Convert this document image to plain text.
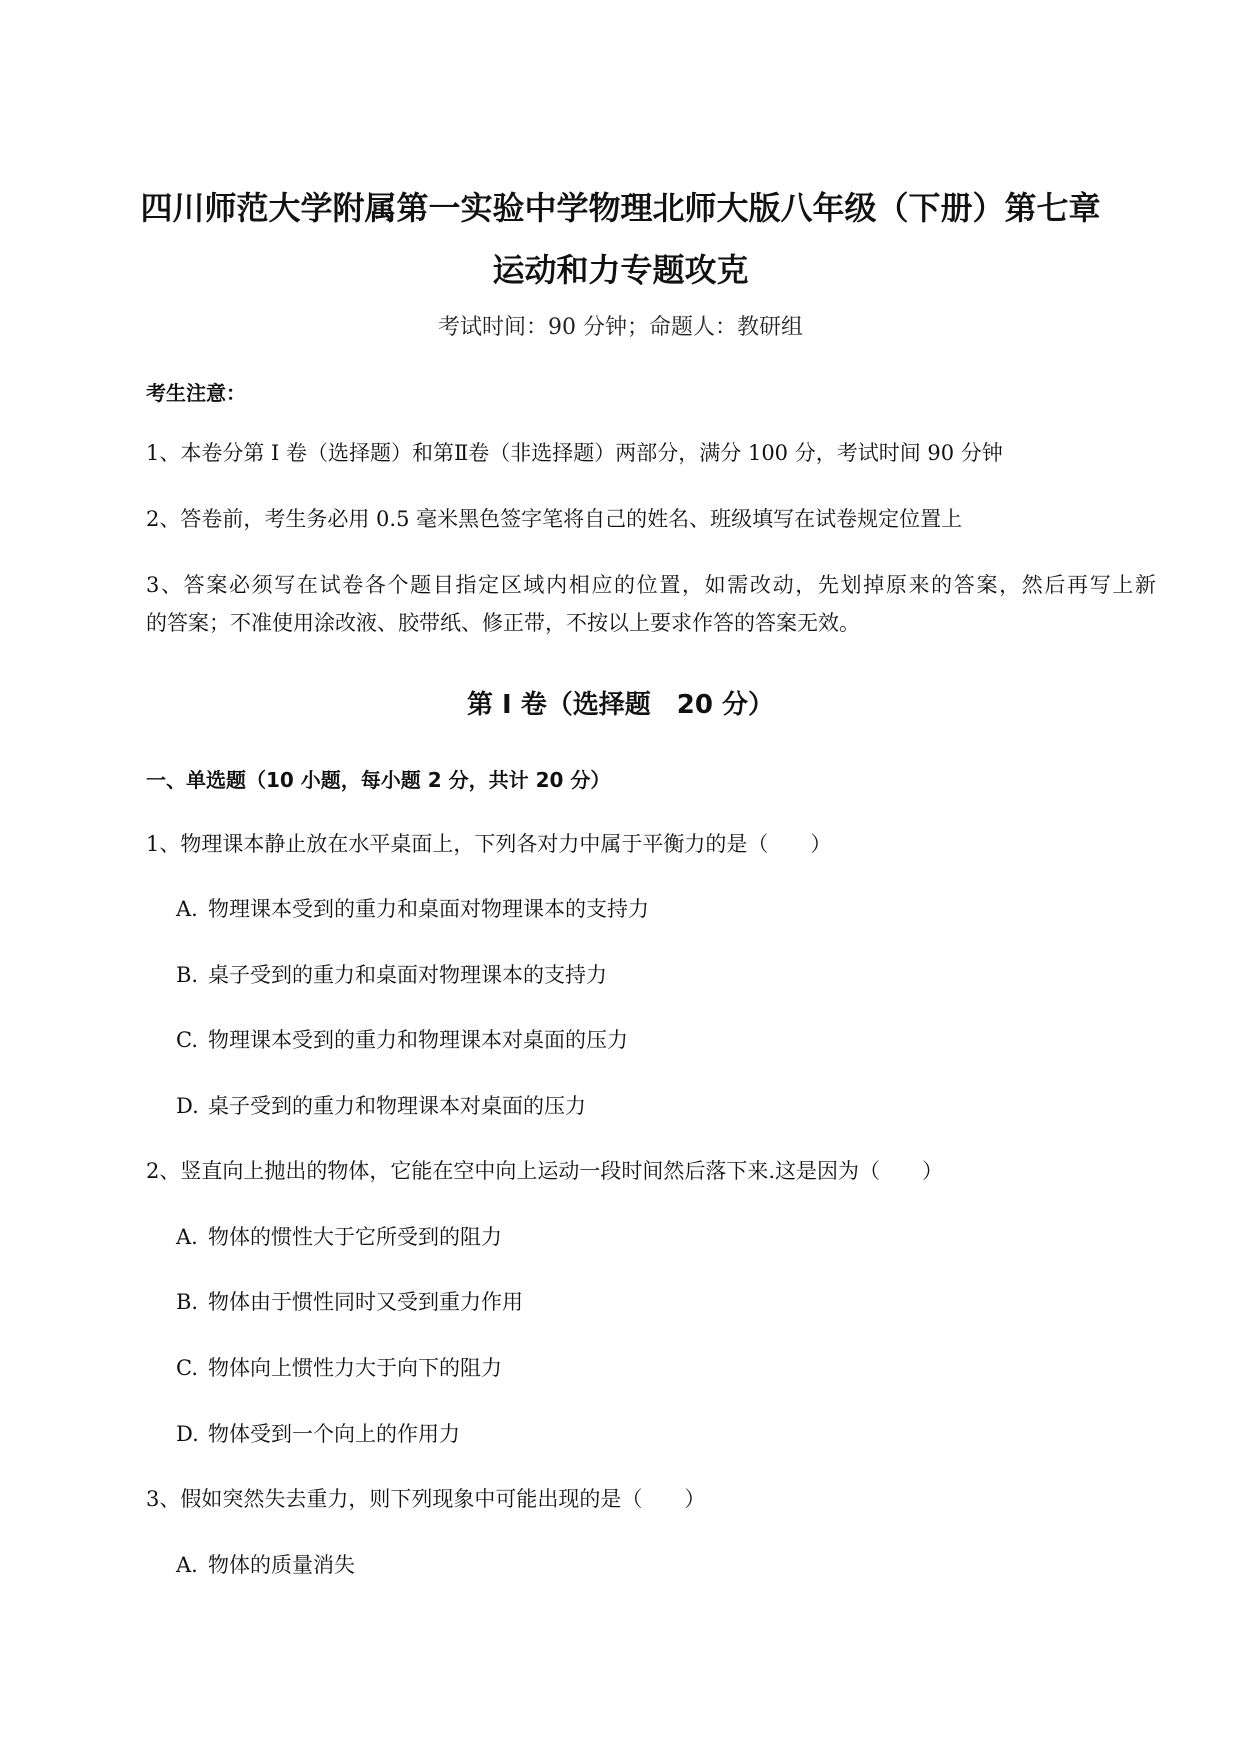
四川师范大学附属第一实验中学物理北师大版八年级（下册）第七章
运动和力专题攻克
考试时间：90 分钟；命题人：教研组
考生注意：
1、本卷分第 I 卷（选择题）和第Ⅱ卷（非选择题）两部分，满分 100 分，考试时间 90 分钟
2、答卷前，考生务必用 0.5 毫米黑色签字笔将自己的姓名、班级填写在试卷规定位置上
3、答案必须写在试卷各个题目指定区域内相应的位置，如需改动，先划掉原来的答案，然后再写上新
的答案；不准使用涂改液、胶带纸、修正带，不按以上要求作答的答案无效。
第 I 卷（选择题　20 分）
一、单选题（10 小题，每小题 2 分，共计 20 分）
1、物理课本静止放在水平桌面上，下列各对力中属于平衡力的是（　　）
A. 物理课本受到的重力和桌面对物理课本的支持力
B. 桌子受到的重力和桌面对物理课本的支持力
C. 物理课本受到的重力和物理课本对桌面的压力
D. 桌子受到的重力和物理课本对桌面的压力
2、竖直向上抛出的物体，它能在空中向上运动一段时间然后落下来.这是因为（　　）
A. 物体的惯性大于它所受到的阻力
B. 物体由于惯性同时又受到重力作用
C. 物体向上惯性力大于向下的阻力
D. 物体受到一个向上的作用力
3、假如突然失去重力，则下列现象中可能出现的是（　　）
A. 物体的质量消失
